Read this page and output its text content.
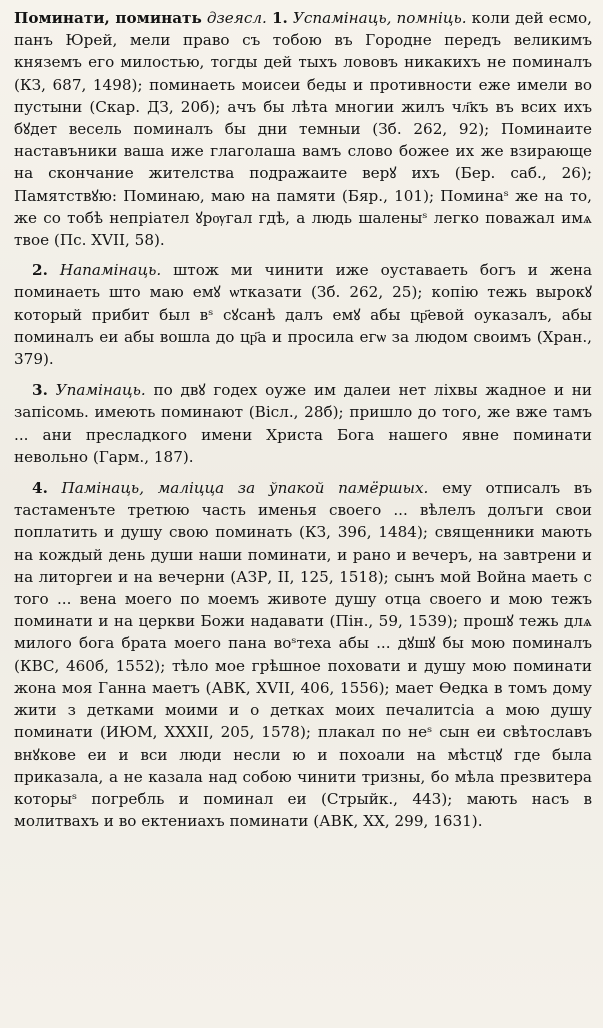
Поминати, поминать дзеясл. 1. Успамінаць, помніць. коли дей есмо, панъ Юрей, мели право съ тобою въ Городне передъ великимъ княземъ его милостью, тогды дей тыхъ лововъ никакихъ не поминалъ (КЗ, 687, 1498); поминаеть моисеи беды и противности еже имели во пустыни (Скар. ДЗ, 20б); ачъ бы лѣта многии жилъ чл҃къ въ всих ихъ бꙋдет весель поминалъ бы дни темныи (Зб. 262, 92); Поминаите наставъники ваша иже глаголаша вамъ слово божее их же взирающе на скончание жителства подражаите верꙋ ихъ (Бер. саб., 26); Памятствꙋю: Поминаю, маю на памяти (Бяр., 101); Поминаˢ же на то, же со тобѣ непріател ꙋрѹгал гдѣ, а людь шаленыˢ легко поважал имѧ твое (Пс. XVII, 58).

2. Напамінаць. штож ми чинити иже оуставаеть богъ и жена поминаеть што маю емꙋ ѡтказати (Зб. 262, 25); копію тежь вырокꙋ который прибит был вˢ сꙋсанѣ далъ емꙋ абы цр҃евой оуказалъ, абы поминалъ еи абы вошла до цр҃а и просила егѡ за людом своимъ (Хран., 379).

3. Упамінаць. по двꙋ годех оуже им далеи нет ліхвы жадное и ни запісомь. имеють поминают (Вісл., 28б); пришло до того, же вже тамъ ... ани пресладкого имени Христа Бога нашего явне поминати невольно (Гарм., 187).

4. Памінаць, маліцца за ўпакой памёршых. ему отписалъ въ тастаменъте третюю часть именья своего ... вѣлелъ долъги свои поплатить и душу свою поминать (КЗ, 396, 1484); священники мають на кождый день души наши поминати, и рано и вечеръ, на завтрени и на литоргеи и на вечерни (АЗР, II, 125, 1518); сынъ мой Война маеть с того ... вена моего по моемъ животе душу отца своего и мою тежъ поминати и на церкви Божи надавати (Пін., 59, 1539); прошꙋ тежь длѧ милого бога брата моего пана воˢтеха абы ... дꙋшꙋ бы мою поминалъ (КВС, 460б, 1552); тѣло мое грѣшное поховати и душу мою поминати жона моя Ганна маетъ (АВК, XVII, 406, 1556); мает Ѳедка в томъ дому жити з детками моими и о детках моих печалитсіа а мою душу поминати (ИЮМ, XXXII, 205, 1578); плакал по неˢ сын еи свѣтославъ внꙋкове еи и вси люди несли ю и похоали на мѣстцꙋ где была приказала, а не казала над собою чинити тризны, бо мѣла презвитера которыˢ погребль и поминал еи (Стрыйк., 443); мають насъ в молитвахъ и во ектениахъ поминати (АВК, XX, 299, 1631).
